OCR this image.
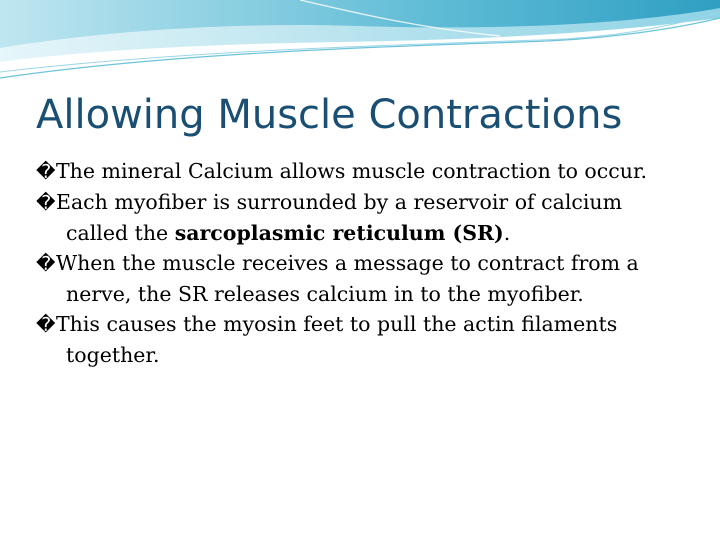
Allowing Muscle Contractions
�The mineral Calcium allows muscle contraction to occur.
�Each myofiber is surrounded by a reservoir of calcium called the sarcoplasmic reticulum (SR).
�When the muscle receives a message to contract from a nerve, the SR releases calcium in to the myofiber.
�This causes the myosin feet to pull the actin filaments together.
